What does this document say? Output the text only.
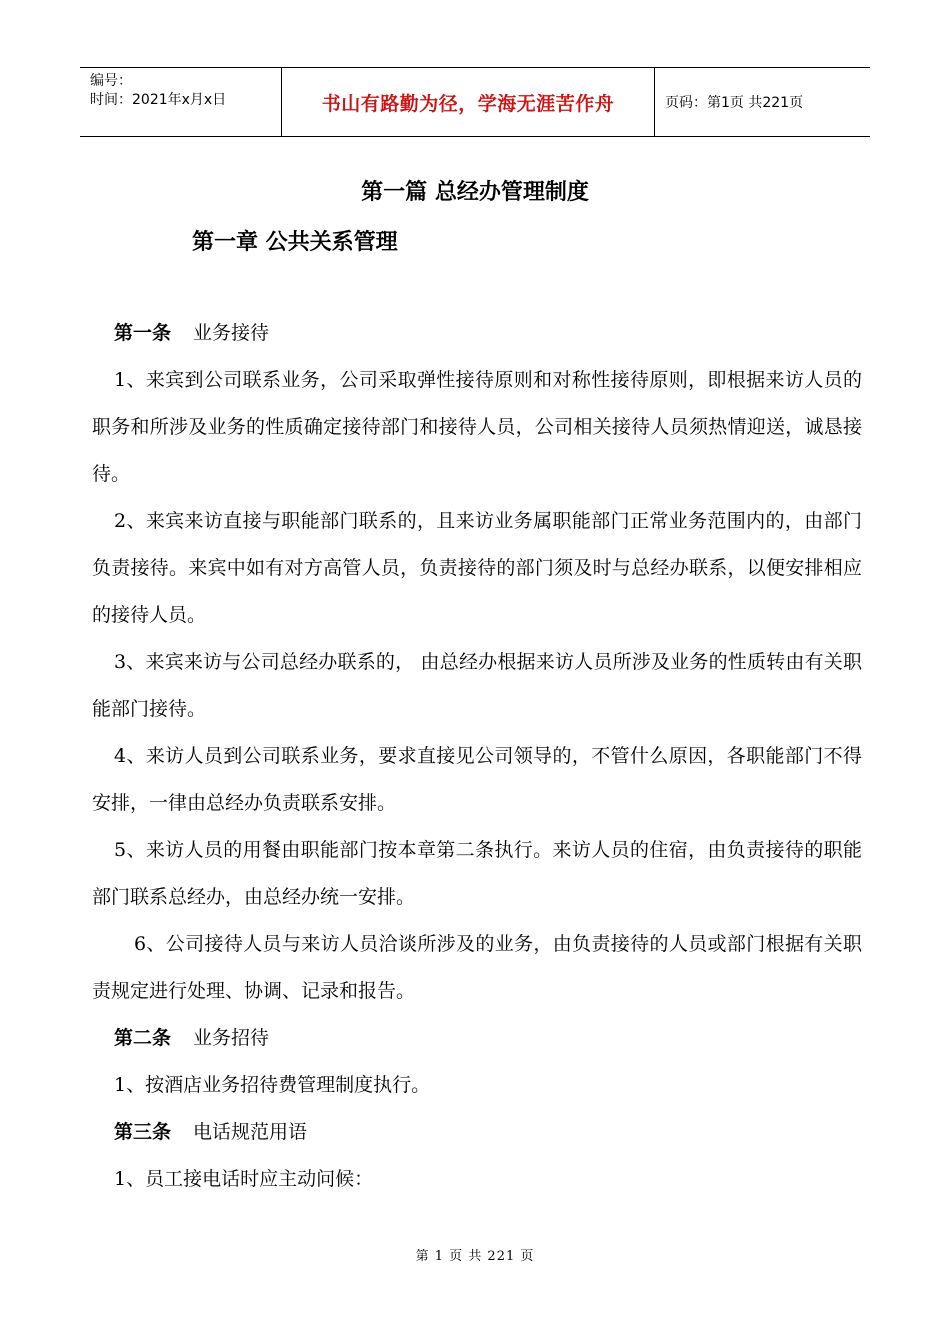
编号：
时间：2021年x月x日	书山有路勤为径，学海无涯苦作舟	页码：第1页 共221页
第一篇 总经办管理制度
第一章 公共关系管理

第一条 业务接待

1、来宾到公司联系业务，公司采取弹性接待原则和对称性接待原则，即根据来访人员的职务和所涉及业务的性质确定接待部门和接待人员，公司相关接待人员须热情迎送，诚恳接待。

2、来宾来访直接与职能部门联系的，且来访业务属职能部门正常业务范围内的，由部门负责接待。来宾中如有对方高管人员，负责接待的部门须及时与总经办联系，以便安排相应的接待人员。

3、来宾来访与公司总经办联系的， 由总经办根据来访人员所涉及业务的性质转由有关职能部门接待。

4、来访人员到公司联系业务，要求直接见公司领导的，不管什么原因，各职能部门不得安排，一律由总经办负责联系安排。

5、来访人员的用餐由职能部门按本章第二条执行。来访人员的住宿，由负责接待的职能部门联系总经办，由总经办统一安排。

6、公司接待人员与来访人员洽谈所涉及的业务，由负责接待的人员或部门根据有关职责规定进行处理、协调、记录和报告。

第二条 业务招待

1、按酒店业务招待费管理制度执行。

第三条 电话规范用语

1、员工接电话时应主动问候：

第 1 页 共 221 页
